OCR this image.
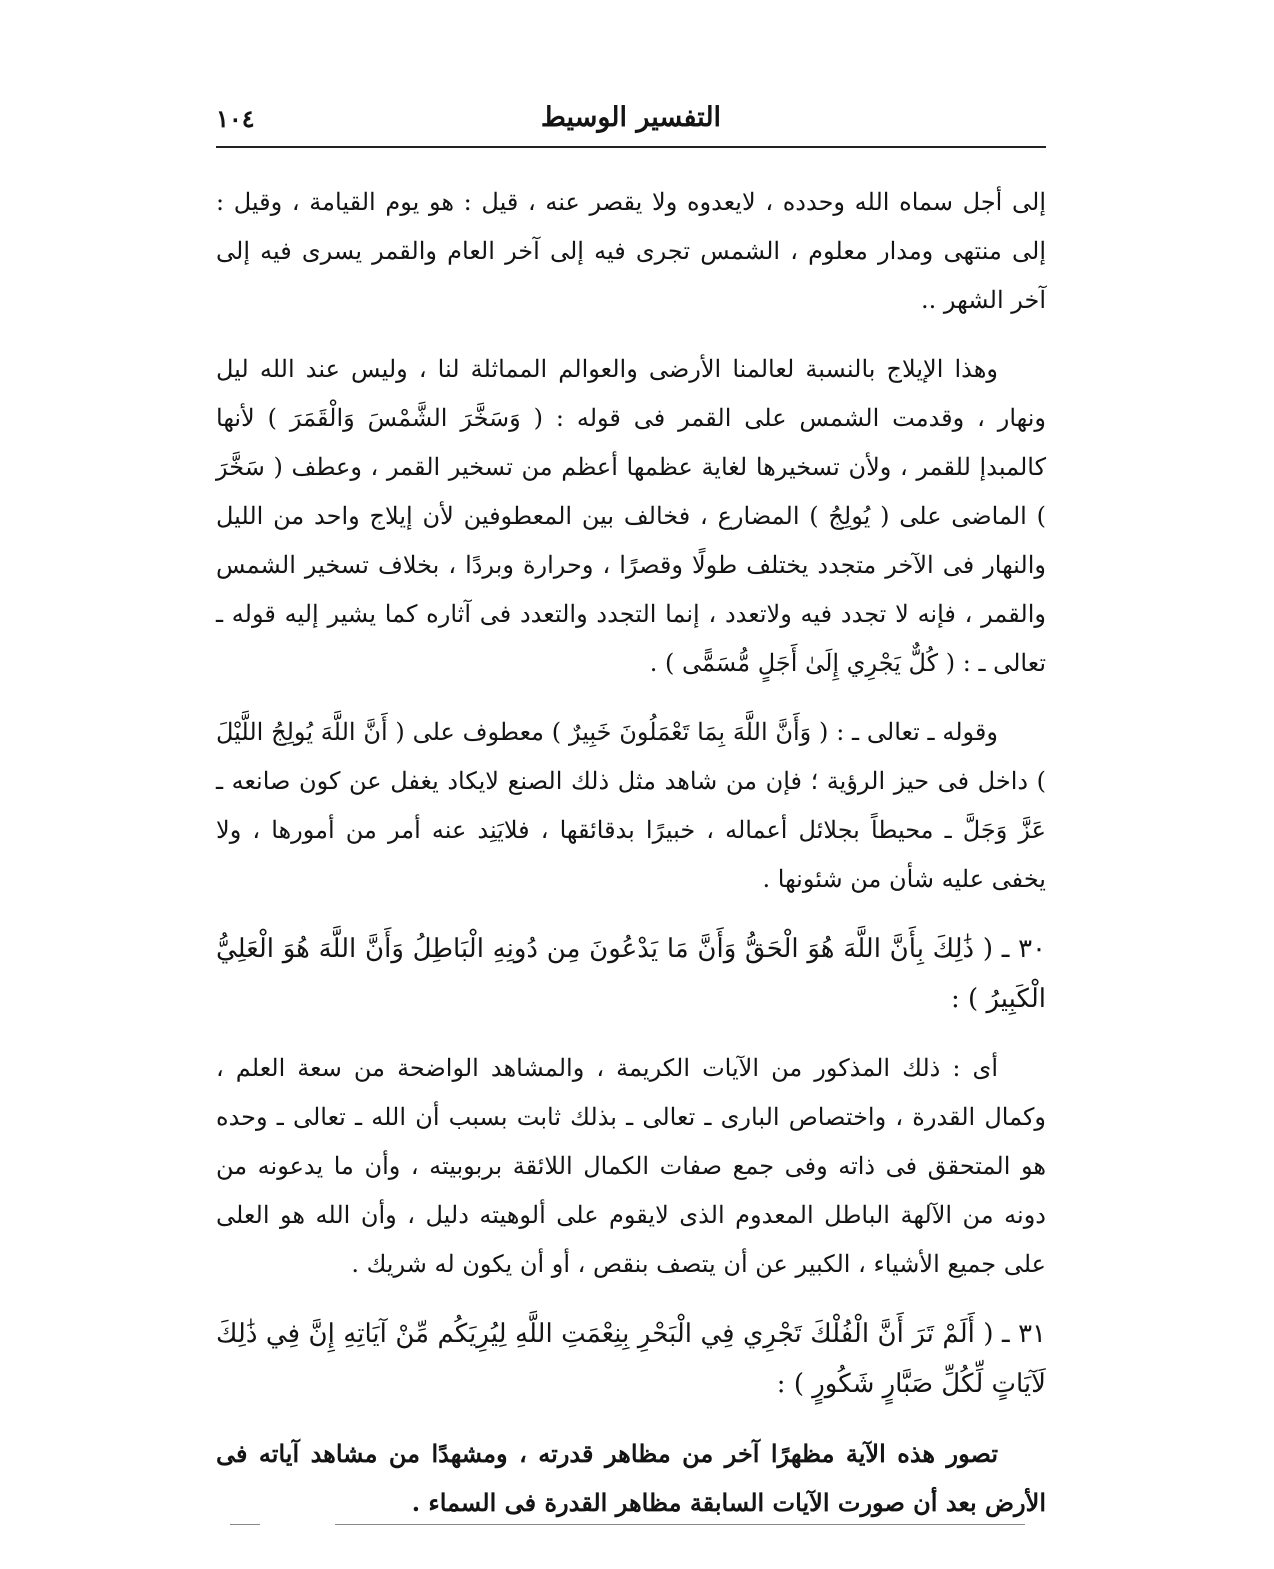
١٠٤	التفسير الوسيط

إلى أجل سماه الله وحدده ، لايعدوه ولا يقصر عنه ، قيل : هو يوم القيامة ، وقيل : إلى منتهى ومدار معلوم ، الشمس تجرى فيه إلى آخر العام والقمر يسرى فيه إلى آخر الشهر ..

وهذا الإيلاج بالنسبة لعالمنا الأرضى والعوالم المماثلة لنا ، وليس عند الله ليل ونهار ، وقدمت الشمس على القمر فى قوله : ( وَسَخَّرَ الشَّمْسَ وَالْقَمَرَ ) لأنها كالمبدإ للقمر ، ولأن تسخيرها لغاية عظمها أعظم من تسخير القمر ، وعطف ( سَخَّرَ ) الماضى على ( يُولِجُ ) المضارع ، فخالف بين المعطوفين لأن إيلاج واحد من الليل والنهار فى الآخر متجدد يختلف طولًا وقصرًا ، وحرارة وبردًا ، بخلاف تسخير الشمس والقمر ، فإنه لا تجدد فيه ولاتعدد ، إنما التجدد والتعدد فى آثاره كما يشير إليه قوله ـ تعالى ـ : ( كُلٌّ يَجْرِي إِلَىٰ أَجَلٍ مُّسَمًّى ) .

وقوله ـ تعالى ـ : ( وَأَنَّ اللَّهَ بِمَا تَعْمَلُونَ خَبِيرٌ ) معطوف على ( أَنَّ اللَّهَ يُولِجُ اللَّيْلَ ) داخل فى حيز الرؤية ؛ فإن من شاهد مثل ذلك الصنع لايكاد يغفل عن كون صانعه ـ عَزَّ وَجَلَّ ـ محيطاً بجلائل أعماله ، خبيرًا بدقائقها ، فلايَنِد عنه أمر من أمورها ، ولا يخفى عليه شأن من شئونها .

٣٠ ـ ( ذَٰلِكَ بِأَنَّ اللَّهَ هُوَ الْحَقُّ وَأَنَّ مَا يَدْعُونَ مِن دُونِهِ الْبَاطِلُ وَأَنَّ اللَّهَ هُوَ الْعَلِيُّ الْكَبِيرُ ) :

أى : ذلك المذكور من الآيات الكريمة ، والمشاهد الواضحة من سعة العلم ، وكمال القدرة ، واختصاص البارى ـ تعالى ـ بذلك ثابت بسبب أن الله ـ تعالى ـ وحده هو المتحقق فى ذاته وفى جمع صفات الكمال اللائقة بربوبيته ، وأن ما يدعونه من دونه من الآلهة الباطل المعدوم الذى لايقوم على ألوهيته دليل ، وأن الله هو العلى على جميع الأشياء ، الكبير عن أن يتصف بنقص ، أو أن يكون له شريك .

٣١ ـ ( أَلَمْ تَرَ أَنَّ الْفُلْكَ تَجْرِي فِي الْبَحْرِ بِنِعْمَتِ اللَّهِ لِيُرِيَكُم مِّنْ آيَاتِهِ إِنَّ فِي ذَٰلِكَ لَآيَاتٍ لِّكُلِّ صَبَّارٍ شَكُورٍ ) :

تصور هذه الآية مظهرًا آخر من مظاهر قدرته ، ومشهدًا من مشاهد آياته فى الأرض بعد أن صورت الآيات السابقة مظاهر القدرة فى السماء .
